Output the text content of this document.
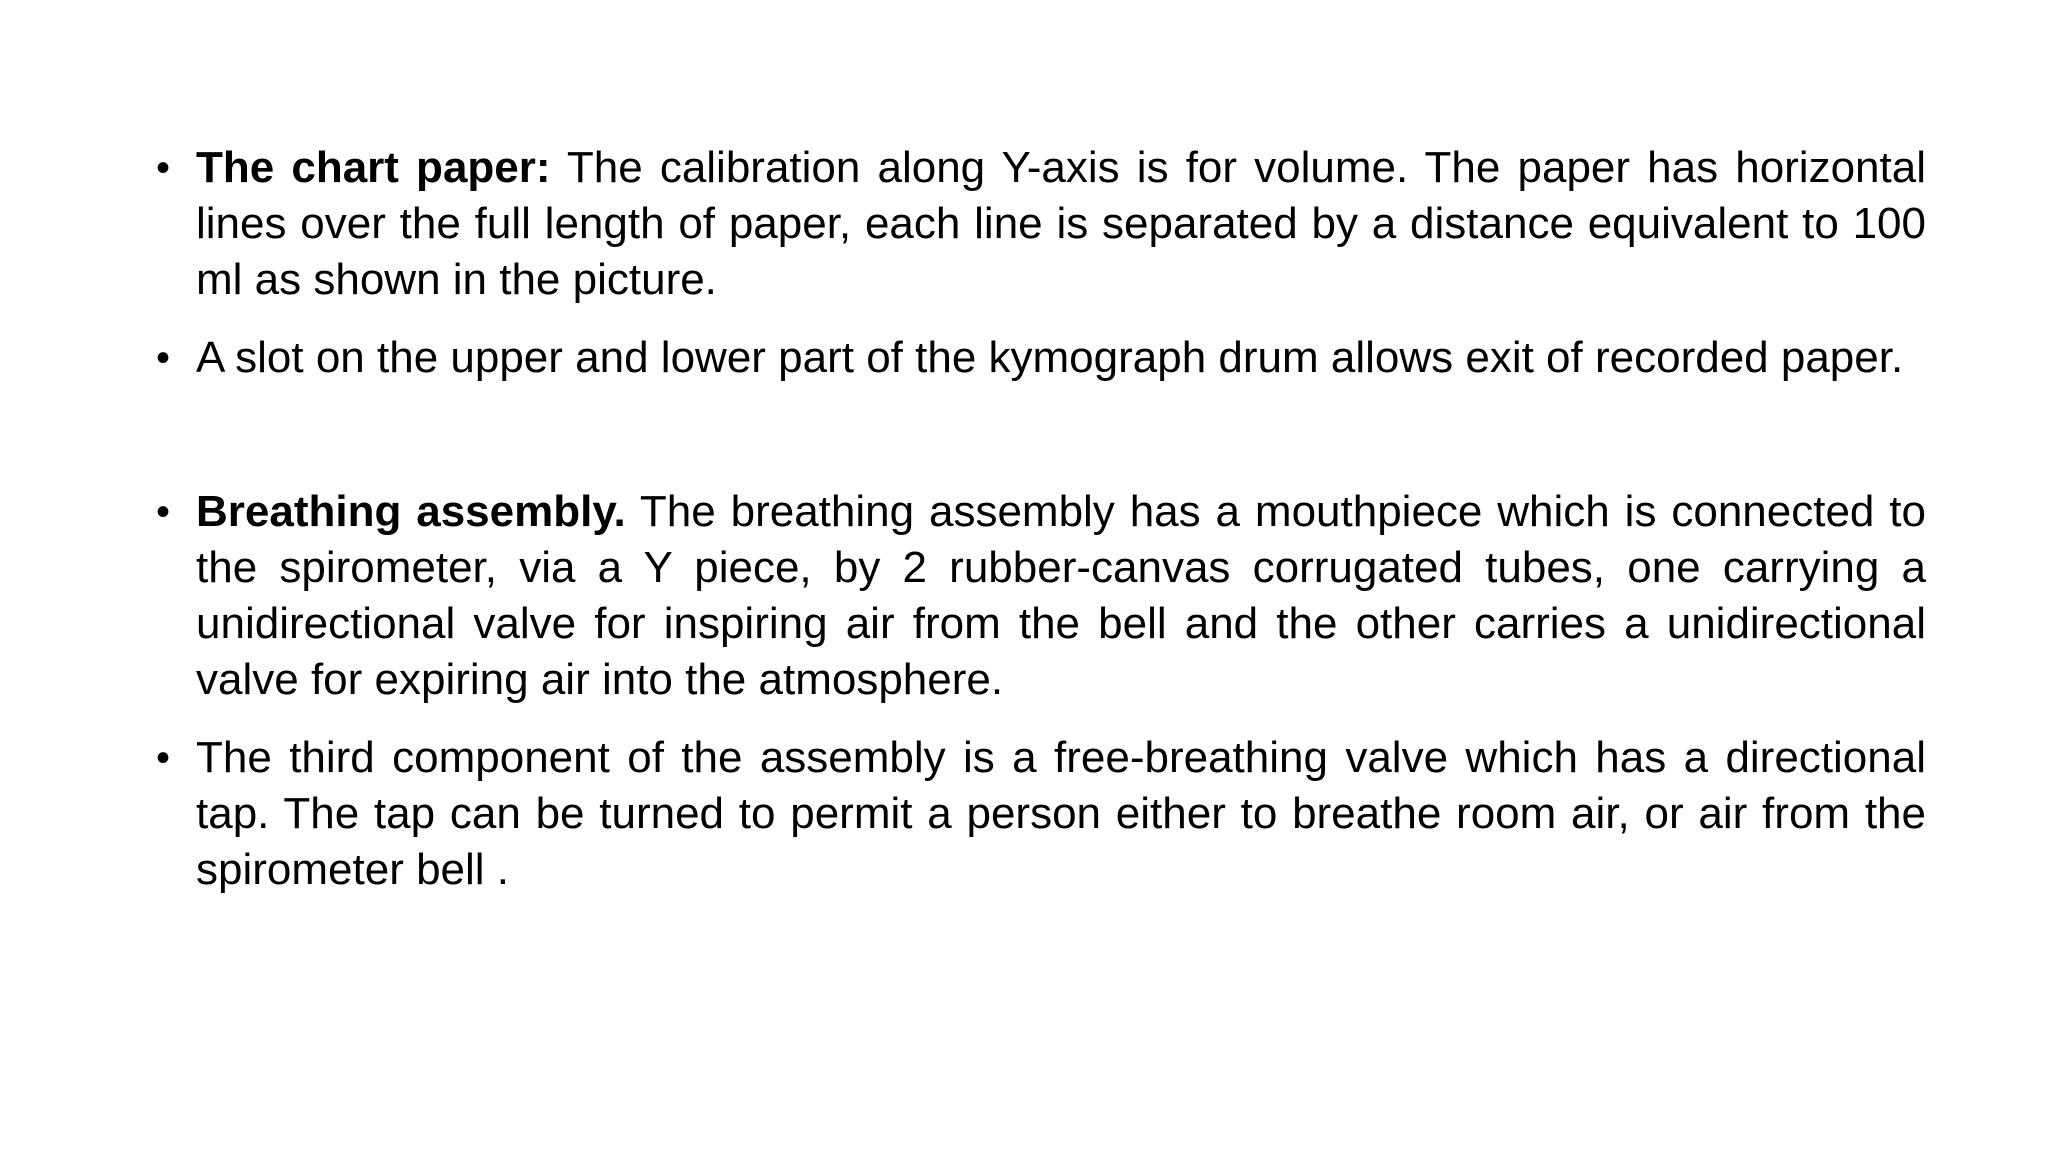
• The chart paper: The calibration along Y-axis is for volume. The paper has horizontal lines over the full length of paper, each line is separated by a distance equivalent to 100 ml as shown in the picture.

• A slot on the upper and lower part of the kymograph drum allows exit of recorded paper.

• Breathing assembly. The breathing assembly has a mouthpiece which is connected to the spirometer, via a Y piece, by 2 rubber-canvas corrugated tubes, one carrying a unidirectional valve for inspiring air from the bell and the other carries a unidirectional valve for expiring air into the atmosphere.

• The third component of the assembly is a free-breathing valve which has a directional tap. The tap can be turned to permit a person either to breathe room air, or air from the spirometer bell .
